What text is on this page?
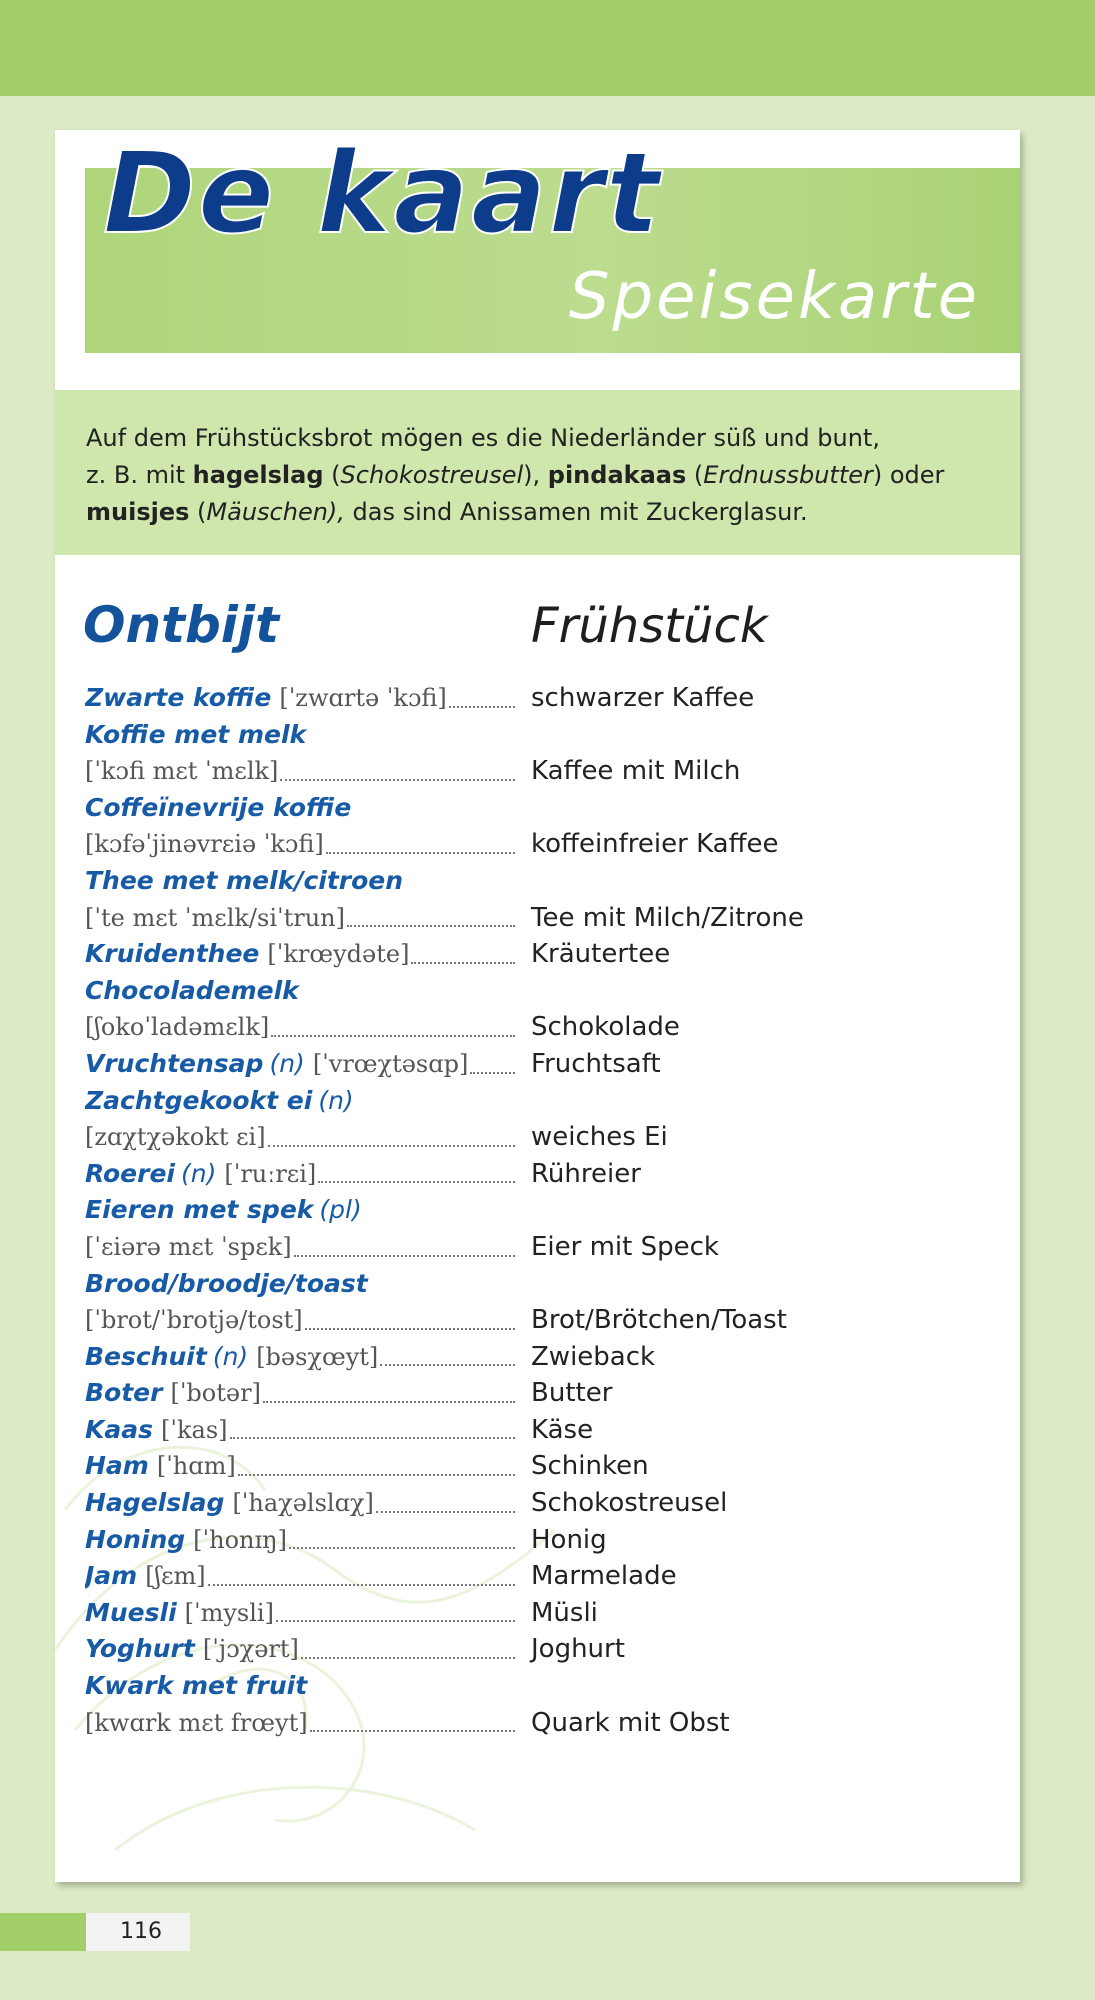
De kaart
Speisekarte
Auf dem Frühstücksbrot mögen es die Niederländer süß und bunt,
z. B. mit hagelslag (Schokostreusel), pindakaas (Erdnussbutter) oder
muisjes (Mäuschen), das sind Anissamen mit Zuckerglasur.
Ontbijt	Frühstück
Zwarte koffie [ˈzwɑrtə ˈkɔfi]	schwarzer Kaffee
Koffie met melk
[ˈkɔfi mɛt ˈmɛlk]	Kaffee mit Milch
Coffeïnevrije koffie
[kɔfəˈjinəvrɛiə ˈkɔfi]	koffeinfreier Kaffee
Thee met melk/citroen
[ˈte mɛt ˈmɛlk/siˈtrun]	Tee mit Milch/Zitrone
Kruidenthee [ˈkrœydəte]	Kräutertee
Chocolademelk
[ʃokoˈladəmɛlk]	Schokolade
Vruchtensap (n) [ˈvrœχtəsɑp] Fruchtsaft
Zachtgekookt ei (n)
[zɑχtχəkokt ɛi]	weiches Ei
Roerei (n) [ˈruːrɛi]	Rühreier
Eieren met spek (pl)
[ˈɛiərə mɛt ˈspɛk]	Eier mit Speck
Brood/broodje/toast
[ˈbrot/ˈbrotjə/tost]	Brot/Brötchen/Toast
Beschuit (n) [bəsχœyt]	Zwieback
Boter [ˈbotər]	Butter
Kaas [ˈkas]	Käse
Ham [ˈhɑm]	Schinken
Hagelslag [ˈhaχəlslɑχ]	Schokostreusel
Honing [ˈhonɪŋ]	Honig
Jam [ʃɛm]	Marmelade
Muesli [ˈmysli]	Müsli
Yoghurt [ˈjɔχərt]	Joghurt
Kwark met fruit
[kwɑrk mɛt frœyt]	Quark mit Obst
116
